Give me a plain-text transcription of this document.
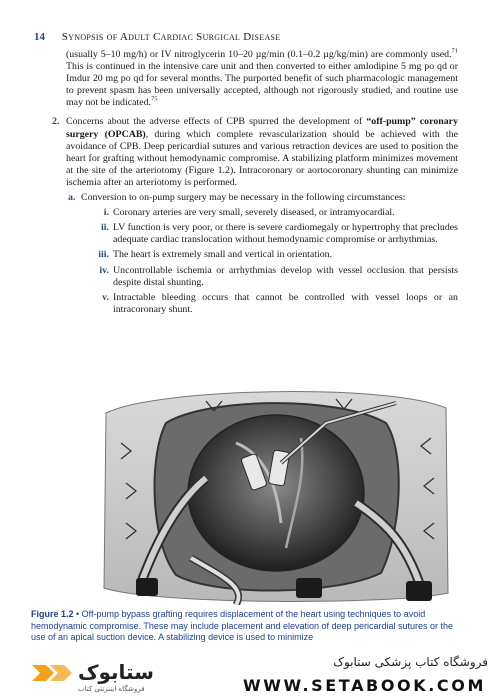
14 Synopsis of Adult Cardiac Surgical Disease

(usually 5–10 mg/h) or IV nitroglycerin 10–20 µg/min (0.1–0.2 µg/kg/min) are commonly used.$^{71}$ This is continued in the intensive care unit and then converted to either amlodipine 5 mg po qd or Imdur 20 mg po qd for several months. The purported benefit of such pharmacologic management to prevent spasm has been universally accepted, although not rigorously studied, and routine use may not be indicated.$^{75}$

2. Concerns about the adverse effects of CPB spurred the development of “off-pump” coronary surgery (OPCAB), during which complete revascularization should be achieved with the avoidance of CPB. Deep pericardial sutures and various retraction devices are used to position the heart for grafting without hemodynamic compromise. A stabilizing platform minimizes movement at the site of the arteriotomy (Figure 1.2). Intracoronary or aortocoronary shunting can minimize ischemia after an arteriotomy is performed.

a. Conversion to on-pump surgery may be necessary in the following circumstances:

i. Coronary arteries are very small, severely diseased, or intramyocardial.

ii. LV function is very poor, or there is severe cardiomegaly or hypertrophy that precludes adequate cardiac translocation without hemodynamic compromise or arrhythmias.

iii. The heart is extremely small and vertical in orientation.

iv. Uncontrollable ischemia or arrhythmias develop with vessel occlusion that persists despite distal shunting.

v. Intractable bleeding occurs that cannot be controlled with vessel loops or an intracoronary shunt.

Figure 1.2 • Off-pump bypass grafting requires displacement of the heart using techniques to avoid hemodynamic compromise. These may include placement and elevation of deep pericardial sutures or the use of an apical suction device. A stabilizing device is used to minimize
ستابوک
فروشگاه اینترنتی کتاب
فروشگاه کتاب پزشکی ستابوک
WWW.SETABOOK.COM
